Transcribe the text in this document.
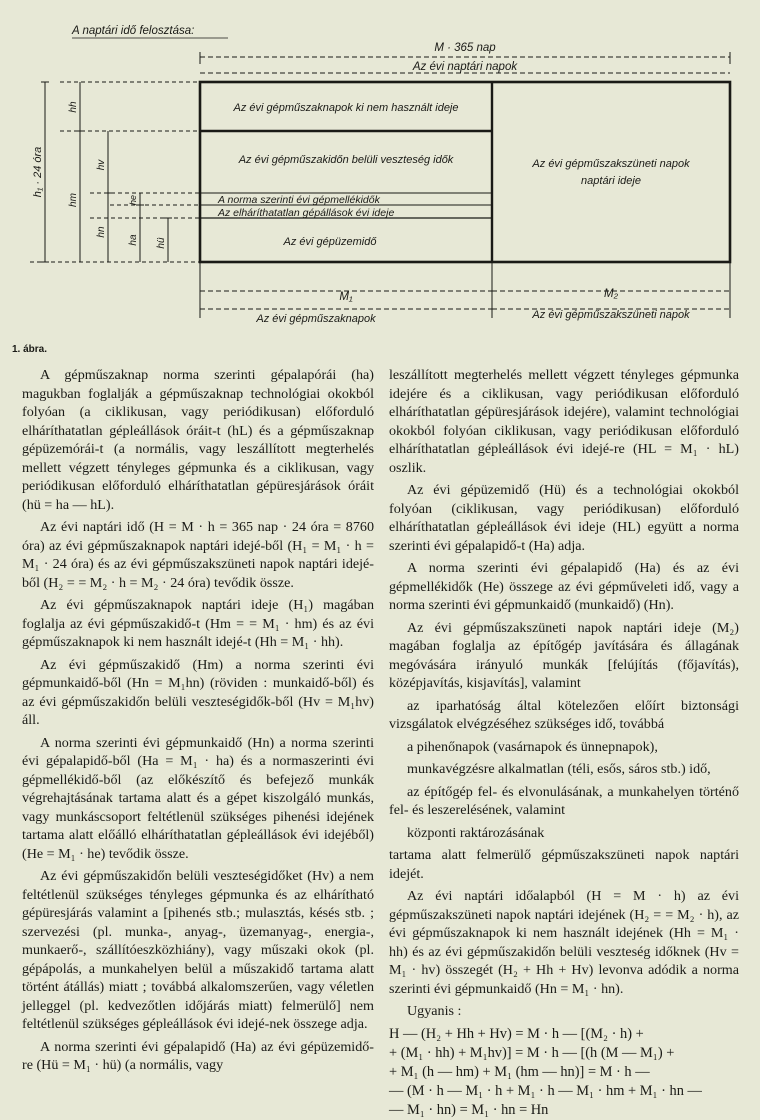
A naptári idő felosztása:
M · 365 nap
Az évi naptári napok
Az évi gépműszaknapok ki nem használt ideje
Az évi gépműszakidőn belüli veszteség idők
A norma szerinti évi gépmellékidők
Az elháríthatatlan gépállások évi ideje
Az évi gépüzemidő
Az évi gépműszakszüneti napok
naptári ideje
h₁ · 24 óra
hh
hm
hv
hn
he
ha hü
M₁	M₂
Az évi gépműszaknapok	Az évi gépműszakszüneti napok
1. ábra.

A gépműszaknap norma szerinti gépalapórái (ha) magukban foglalják a gépműszaknap technológiai okokból folyóan (a ciklikusan, vagy periódikusan) előforduló elháríthatatlan gépleállások óráit-t (hL) és a gépműszaknap gépüzemórái-t (a normális, vagy leszállított megterhelés mellett végzett tényleges gépmunka és a ciklikusan, vagy periódikusan előforduló elháríthatatlan gépüresjárások óráit (hü = ha — hL).

Az évi naptári idő (H = M · h = 365 nap · 24 óra = 8760 óra) az évi gépműszaknapok naptári idejé-ből (H₁ = M₁ · h = M₁ · 24 óra) és az évi gépműszakszüneti napok naptári idejé-ből (H₂ = = M₂ · h = M₂ · 24 óra) tevődik össze.

Az évi gépműszaknapok naptári ideje (H₁) magában foglalja az évi gépműszakidő-t (Hm = = M₁ · hm) és az évi gépműszaknapok ki nem használt idejé-t (Hh = M₁ · hh).

Az évi gépműszakidő (Hm) a norma szerinti évi gépmunkaidő-ből (Hn = M₁hn) (röviden : munkaidő-ből) és az évi gépműszakidőn belüli veszteségidők-ből (Hv = M₁hv) áll.

A norma szerinti évi gépmunkaidő (Hn) a norma szerinti évi gépalapidő-ből (Ha = M₁ · ha) és a normaszerinti évi gépmellékidő-ből (az előkészítő és befejező munkák végrehajtásának tartama alatt és a gépet kiszolgáló munkás, vagy munkáscsoport feltétlenül szükséges pihenési idejének tartama alatt előálló elháríthatatlan gépleállások évi idejéből) (He = M₁ · he) tevődik össze.

Az évi gépműszakidőn belüli veszteségidőket (Hv) a nem feltétlenül szükséges tényleges gépmunka és az elhárítható gépüresjárás valamint a [pihenés stb.; mulasztás, késés stb. ; szervezési (pl. munka-, anyag-, üzemanyag-, energia-, munkaerő-, szállítóeszközhiány), vagy műszaki okok (pl. gépápolás, a munkahelyen belül a műszakidő tartama alatt történt átállás) miatt ; továbbá alkalomszerűen, vagy véletlen jelleggel (pl. kedvezőtlen időjárás miatt) felmerülő] nem feltétlenül szükséges gépleállások évi idejé-nek összege adja.

A norma szerinti évi gépalapidő (Ha) az évi gépüzemidő-re (Hü = M₁ · hü) (a normális, vagy

leszállított megterhelés mellett végzett tényleges gépmunka idejére és a ciklikusan, vagy periódikusan előforduló elháríthatatlan gépüresjárások idejére), valamint technológiai okokból folyóan ciklikusan, vagy periódikusan előforduló elháríthatatlan gépleállások évi idejé-re (HL = M₁ · hL) oszlik.

Az évi gépüzemidő (Hü) és a technológiai okokból folyóan (ciklikusan, vagy periódikusan) előforduló elháríthatatlan gépleállások évi ideje (HL) együtt a norma szerinti évi gépalapidő-t (Ha) adja.

A norma szerinti évi gépalapidő (Ha) és az évi gépmellékidők (He) összege az évi gépműveleti idő, vagy a norma szerinti évi gépmunkaidő (munkaidő) (Hn).

Az évi gépműszakszüneti napok naptári ideje (M₂) magában foglalja az építőgép javítására és állagának megóvására irányuló munkák [felújítás (főjavítás), középjavítás, kisjavítás], valamint

az iparhatóság által kötelezően előírt biztonsági vizsgálatok elvégzéséhez szükséges idő, továbbá

a pihenőnapok (vasárnapok és ünnepnapok),

munkavégzésre alkalmatlan (téli, esős, sáros stb.) idő,

az építőgép fel- és elvonulásának, a munkahelyen történő fel- és leszerelésének, valamint

központi raktározásának

tartama alatt felmerülő gépműszakszüneti napok naptári idejét.

Az évi naptári időalapból (H = M · h) az évi gépműszakszüneti napok naptári idejének (H₂ = = M₂ · h), az évi gépműszaknapok ki nem használt idejének (Hh = M₁ · hh) és az évi gépműszakidőn belüli veszteség időknek (Hv = M₁ · hv) összegét (H₂ + Hh + Hv) levonva adódik a norma szerinti évi gépmunkaidő (Hn = M₁ · hn).

Ugyanis :

H — (H₂ + Hh + Hv) = M · h — [(M₂ · h) +

+ (M₁ · hh) + M₁hv)] = M · h — [(h (M — M₁) +

+ M₁ (h — hm) + M₁ (hm — hn)] = M · h —

— (M · h — M₁ · h + M₁ · h — M₁ · hm + M₁ · hn —

— M₁ · hn) = M₁ · hn = Hn
